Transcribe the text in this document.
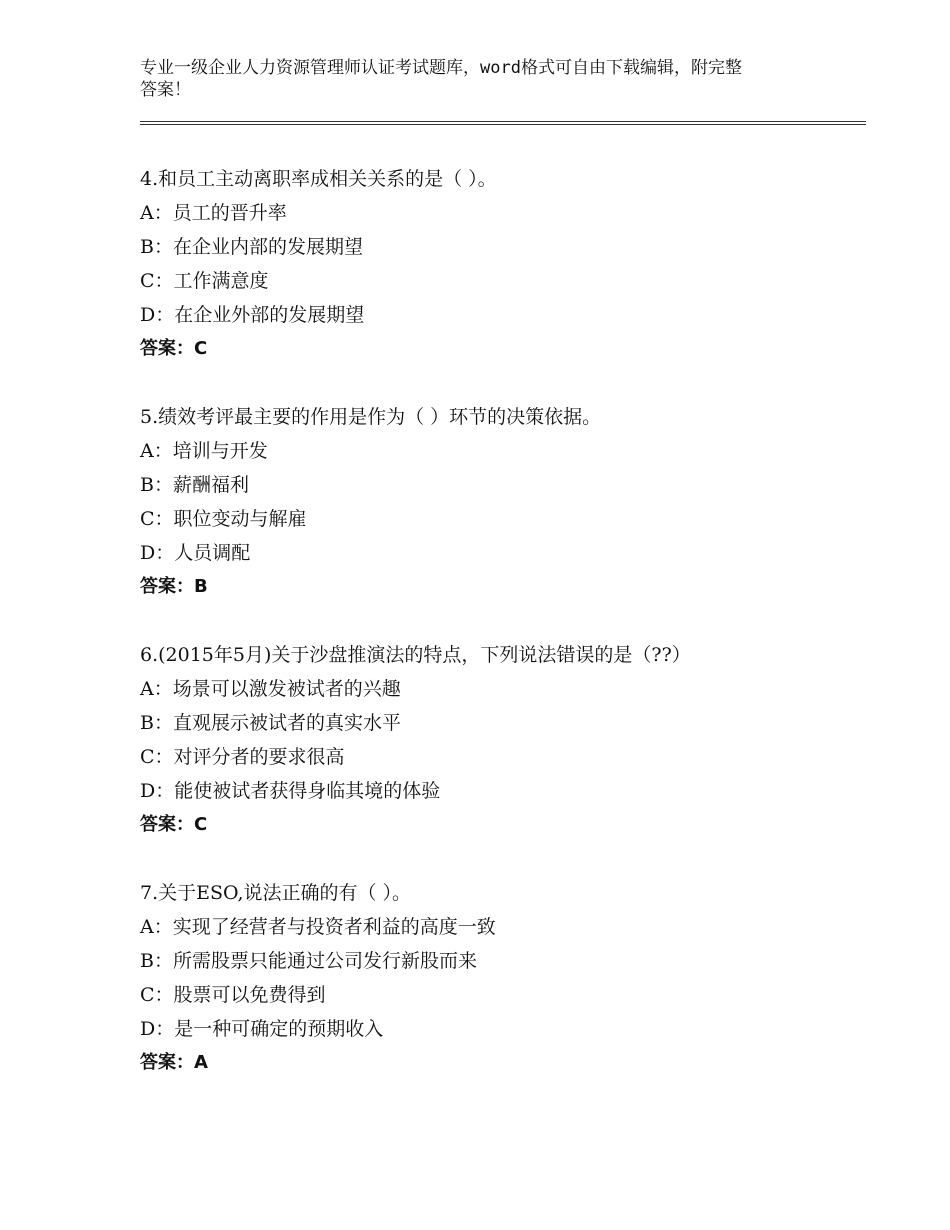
专业一级企业人力资源管理师认证考试题库，word格式可自由下载编辑，附完整
答案！
4.和员工主动离职率成相关关系的是（ ）。
A：员工的晋升率
B：在企业内部的发展期望
C：工作满意度
D：在企业外部的发展期望
答案：C
5.绩效考评最主要的作用是作为（ ）环节的决策依据。
A：培训与开发
B：薪酬福利
C：职位变动与解雇
D：人员调配
答案：B
6.(2015年5月)关于沙盘推演法的特点，下列说法错误的是（??）
A：场景可以激发被试者的兴趣
B：直观展示被试者的真实水平
C：对评分者的要求很高
D：能使被试者获得身临其境的体验
答案：C
7.关于ESO,说法正确的有（ ）。
A：实现了经营者与投资者利益的高度一致
B：所需股票只能通过公司发行新股而来
C：股票可以免费得到
D：是一种可确定的预期收入
答案：A
